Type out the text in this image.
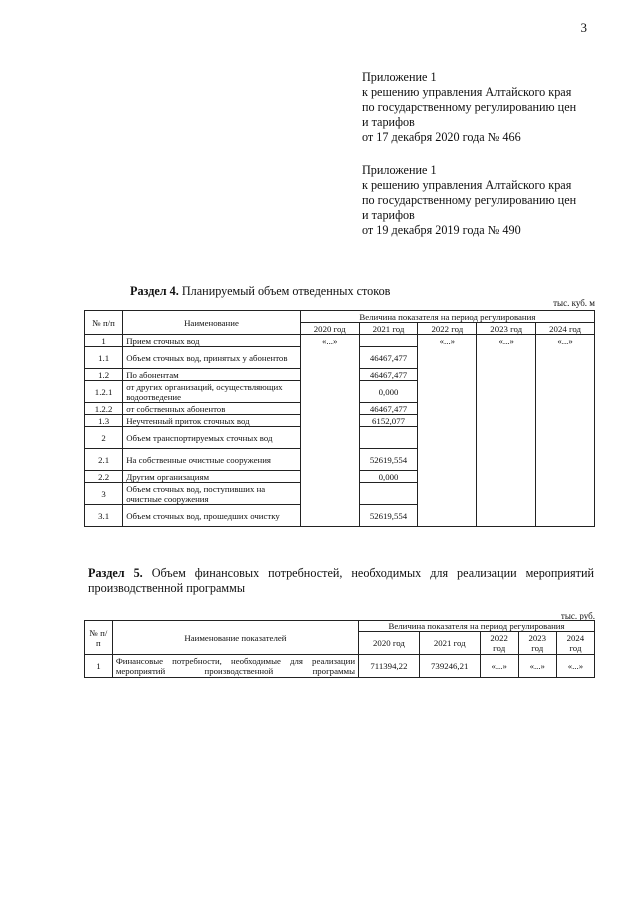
3
Приложение 1
к решению управления Алтайского края
по государственному регулированию цен
и тарифов
от 17 декабря 2020 года № 466
Приложение 1
к решению управления Алтайского края
по государственному регулированию цен
и тарифов
от 19 декабря 2019 года № 490
Раздел 4. Планируемый объем отведенных стоков
тыс. куб. м
№ п/п	Наименование	Величина показателя на период регулирования				
		2020 год	2021 год	2022 год	2023 год	2024 год
1	Прием сточных вод	«...»		«...»	«...»	«...»
1.1	Объем сточных вод, принятых у абонентов		46467,477			
1.2	По абонентам		46467,477			
1.2.1	от других организаций, осуществляющих водоотведение		0,000			
1.2.2	от собственных абонентов		46467,477			
1.3	Неучтенный приток сточных вод		6152,077			
2	Объем транспортируемых сточных вод					
2.1	На собственные очистные сооружения		52619,554			
2.2	Другим организациям		0,000			
3	Объем сточных вод, поступивших на очистные сооружения					
3.1	Объем сточных вод, прошедших очистку		52619,554			
Раздел 5. Объем финансовых потребностей, необходимых для реализации мероприятий производственной программы
тыс. руб.
№ п/п	Наименование показателей	Величина показателя на период регулирования				
		2020 год	2021 год	2022 год	2023 год	2024 год
1	Финансовые потребности, необходимые для реализации мероприятий производственной программы	711394,22	739246,21	«...»	«...»	«...»
